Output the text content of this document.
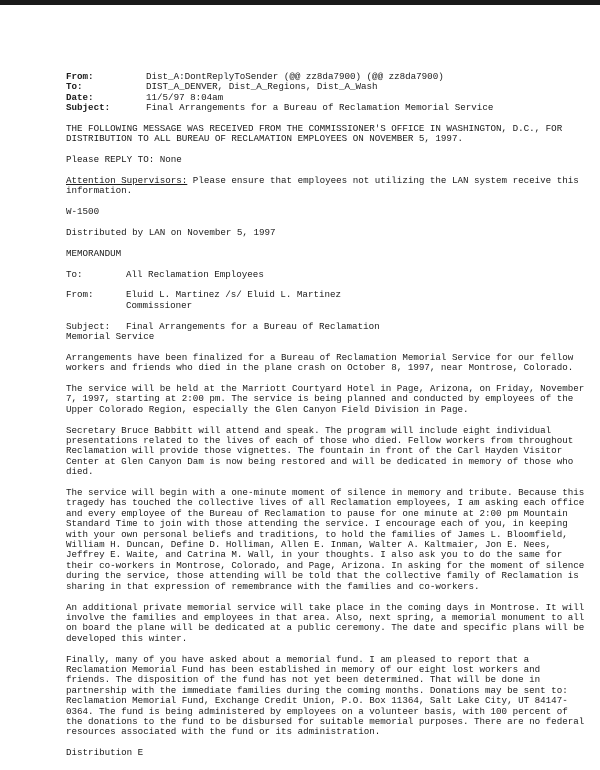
From:	Dist_A:DontReplyToSender (@@ zz8da7900) (@@ zz8da7900)
To:	DIST_A_DENVER, Dist_A_Regions, Dist_A_Wash
Date:	11/5/97 8:04am
Subject:	Final Arrangements for a Bureau of Reclamation Memorial Service
THE FOLLOWING MESSAGE WAS RECEIVED FROM THE COMMISSIONER'S OFFICE IN WASHINGTON, D.C., FOR DISTRIBUTION TO ALL BUREAU OF RECLAMATION EMPLOYEES ON NOVEMBER 5, 1997.
Please REPLY TO: None
Attention Supervisors: Please ensure that employees not utilizing the LAN system receive this information.
W-1500
Distributed by LAN on November 5, 1997
MEMORANDUM
To:	All Reclamation Employees
From:	Eluid L. Martinez /s/ Eluid L. Martinez
Commissioner
Subject:	Final Arrangements for a Bureau of Reclamation
Memorial Service
Arrangements have been finalized for a Bureau of Reclamation Memorial Service for our fellow workers and friends who died in the plane crash on October 8, 1997, near Montrose, Colorado.
The service will be held at the Marriott Courtyard Hotel in Page, Arizona, on Friday, November 7, 1997, starting at 2:00 pm. The service is being planned and conducted by employees of the Upper Colorado Region, especially the Glen Canyon Field Division in Page.
Secretary Bruce Babbitt will attend and speak. The program will include eight individual presentations related to the lives of each of those who died. Fellow workers from throughout Reclamation will provide those vignettes. The fountain in front of the Carl Hayden Visitor Center at Glen Canyon Dam is now being restored and will be dedicated in memory of those who died.
The service will begin with a one-minute moment of silence in memory and tribute. Because this tragedy has touched the collective lives of all Reclamation employees, I am asking each office and every employee of the Bureau of Reclamation to pause for one minute at 2:00 pm Mountain Standard Time to join with those attending the service. I encourage each of you, in keeping with your own personal beliefs and traditions, to hold the families of James L. Bloomfield, William H. Duncan, Define D. Holliman, Allen E. Inman, Walter A. Kaltmaier, Jon E. Nees, Jeffrey E. Waite, and Catrina M. Wall, in your thoughts. I also ask you to do the same for their co-workers in Montrose, Colorado, and Page, Arizona. In asking for the moment of silence during the service, those attending will be told that the collective family of Reclamation is sharing in that expression of remembrance with the families and co-workers.
An additional private memorial service will take place in the coming days in Montrose. It will involve the families and employees in that area. Also, next spring, a memorial monument to all on board the plane will be dedicated at a public ceremony. The date and specific plans will be developed this winter.
Finally, many of you have asked about a memorial fund. I am pleased to report that a Reclamation Memorial Fund has been established in memory of our eight lost workers and friends. The disposition of the fund has not yet been determined. That will be done in partnership with the immediate families during the coming months. Donations may be sent to: Reclamation Memorial Fund, Exchange Credit Union, P.O. Box 11364, Salt Lake City, UT 84147-0364. The fund is being administered by employees on a volunteer basis, with 100 percent of the donations to the fund to be disbursed for suitable memorial purposes. There are no federal resources associated with the fund or its administration.
Distribution E
